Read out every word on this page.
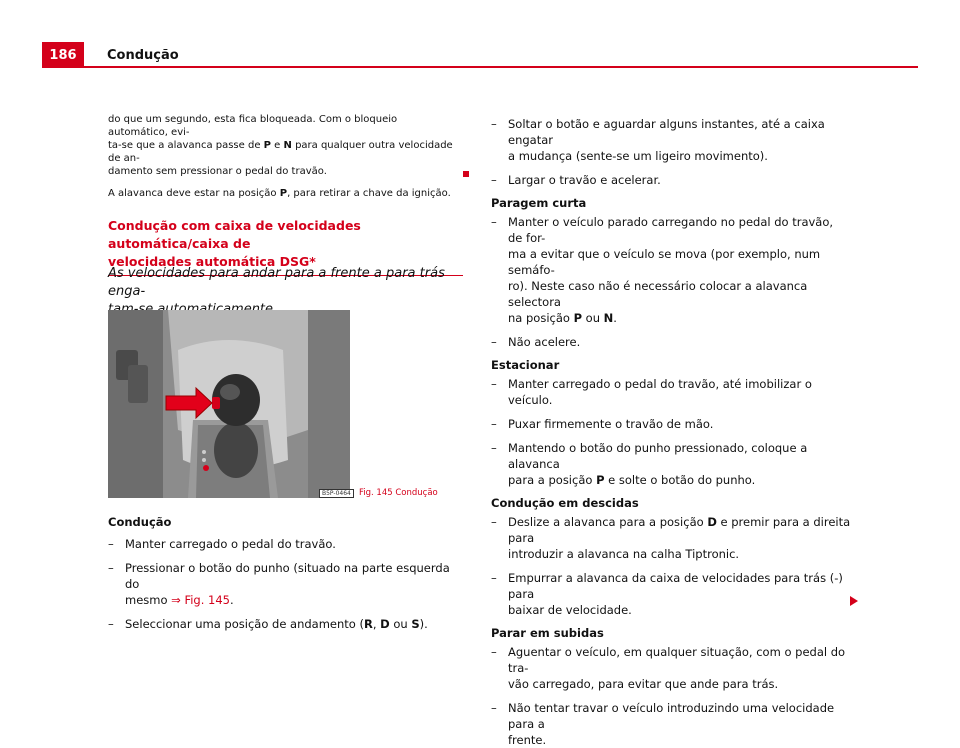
186	Condução

do que um segundo, esta fica bloqueada. Com o bloqueio automático, evi-
ta-se que a alavanca passe de P e N para qualquer outra velocidade de an-
damento sem pressionar o pedal do travão.

A alavanca deve estar na posição P, para retirar a chave da ignição.

Condução com caixa de velocidades automática/caixa de
velocidades automática DSG*

As velocidades para andar para a frente a para trás enga-

B5P-0464 Fig. 145 Condução

Condução

– Manter carregado o pedal do travão.
– Pressionar o botão do punho (situado na parte esquerda do
mesmo ⇒ Fig. 145.
– Seleccionar uma posição de andamento (R, D ou S).
– Soltar o botão e aguardar alguns instantes, até a caixa engatar
a mudança (sente-se um ligeiro movimento).
– Largar o travão e acelerar.

Paragem curta

– Manter o veículo parado carregando no pedal do travão, de for-
ma a evitar que o veículo se mova (por exemplo, num semáfo-
ro). Neste caso não é necessário colocar a alavanca selectora
na posição P ou N.
– Não acelere.

Estacionar

– Manter carregado o pedal do travão, até imobilizar o veículo.
– Puxar firmemente o travão de mão.
– Mantendo o botão do punho pressionado, coloque a alavanca
para a posição P e solte o botão do punho.

Condução em descidas

– Deslize a alavanca para a posição D e premir para a direita para
introduzir a alavanca na calha Tiptronic.
– Empurrar a alavanca da caixa de velocidades para trás (-) para
baixar de velocidade.

Parar em subidas

– Aguentar o veículo, em qualquer situação, com o pedal do tra-
vão carregado, para evitar que ande para trás.
– Não tentar travar o veículo introduzindo uma velocidade para a
frente.
